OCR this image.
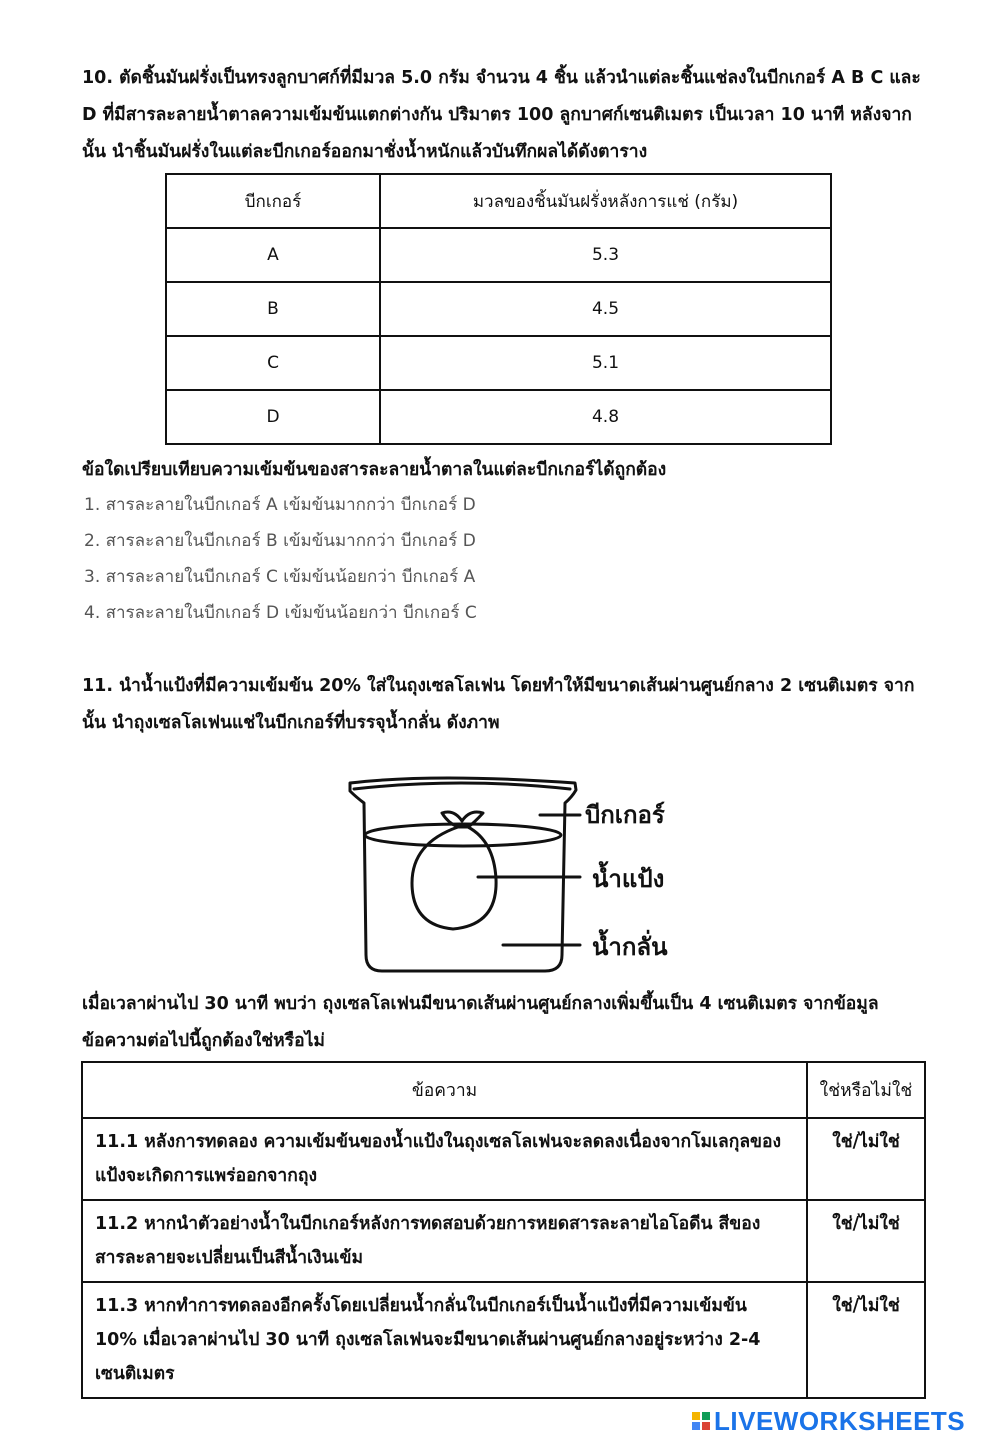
10. ตัดชิ้นมันฝรั่งเป็นทรงลูกบาศก์ที่มีมวล 5.0 กรัม จำนวน 4 ชิ้น แล้วนำแต่ละชิ้นแช่ลงในบีกเกอร์ A B C และ D ที่มีสารละลายน้ำตาลความเข้มข้นแตกต่างกัน ปริมาตร 100 ลูกบาศก์เซนติเมตร เป็นเวลา 10 นาที หลังจากนั้น นำชิ้นมันฝรั่งในแต่ละบีกเกอร์ออกมาชั่งน้ำหนักแล้วบันทึกผลได้ดังตาราง
บีกเกอร์	มวลของชิ้นมันฝรั่งหลังการแช่ (กรัม)
A	5.3
B	4.5
C	5.1
D	4.8
ข้อใดเปรียบเทียบความเข้มข้นของสารละลายน้ำตาลในแต่ละบีกเกอร์ได้ถูกต้อง
1. สารละลายในบีกเกอร์ A เข้มข้นมากกว่า บีกเกอร์ D
2. สารละลายในบีกเกอร์ B เข้มข้นมากกว่า บีกเกอร์ D
3. สารละลายในบีกเกอร์ C เข้มข้นน้อยกว่า บีกเกอร์ A
4. สารละลายในบีกเกอร์ D เข้มข้นน้อยกว่า บีกเกอร์ C
11. นำน้ำแป้งที่มีความเข้มข้น 20% ใส่ในถุงเซลโลเฟน โดยทำให้มีขนาดเส้นผ่านศูนย์กลาง 2 เซนติเมตร จากนั้น นำถุงเซลโลเฟนแช่ในบีกเกอร์ที่บรรจุน้ำกลั่น ดังภาพ
บีกเกอร์
น้ำแป้ง
น้ำกลั่น
เมื่อเวลาผ่านไป 30 นาที พบว่า ถุงเซลโลเฟนมีขนาดเส้นผ่านศูนย์กลางเพิ่มขึ้นเป็น 4 เซนติเมตร จากข้อมูล ข้อความต่อไปนี้ถูกต้องใช่หรือไม่
ข้อความ	ใช่หรือไม่ใช่
11.1 หลังการทดลอง ความเข้มข้นของน้ำแป้งในถุงเซลโลเฟนจะลดลงเนื่องจากโมเลกุลของแป้งจะเกิดการแพร่ออกจากถุง	ใช่/ไม่ใช่
11.2 หากนำตัวอย่างน้ำในบีกเกอร์หลังการทดสอบด้วยการหยดสารละลายไอโอดีน สีของสารละลายจะเปลี่ยนเป็นสีน้ำเงินเข้ม	ใช่/ไม่ใช่
11.3 หากทำการทดลองอีกครั้งโดยเปลี่ยนน้ำกลั่นในบีกเกอร์เป็นน้ำแป้งที่มีความเข้มข้น 10% เมื่อเวลาผ่านไป 30 นาที ถุงเซลโลเฟนจะมีขนาดเส้นผ่านศูนย์กลางอยู่ระหว่าง 2-4 เซนติเมตร	ใช่/ไม่ใช่
LIVEWORKSHEETS
